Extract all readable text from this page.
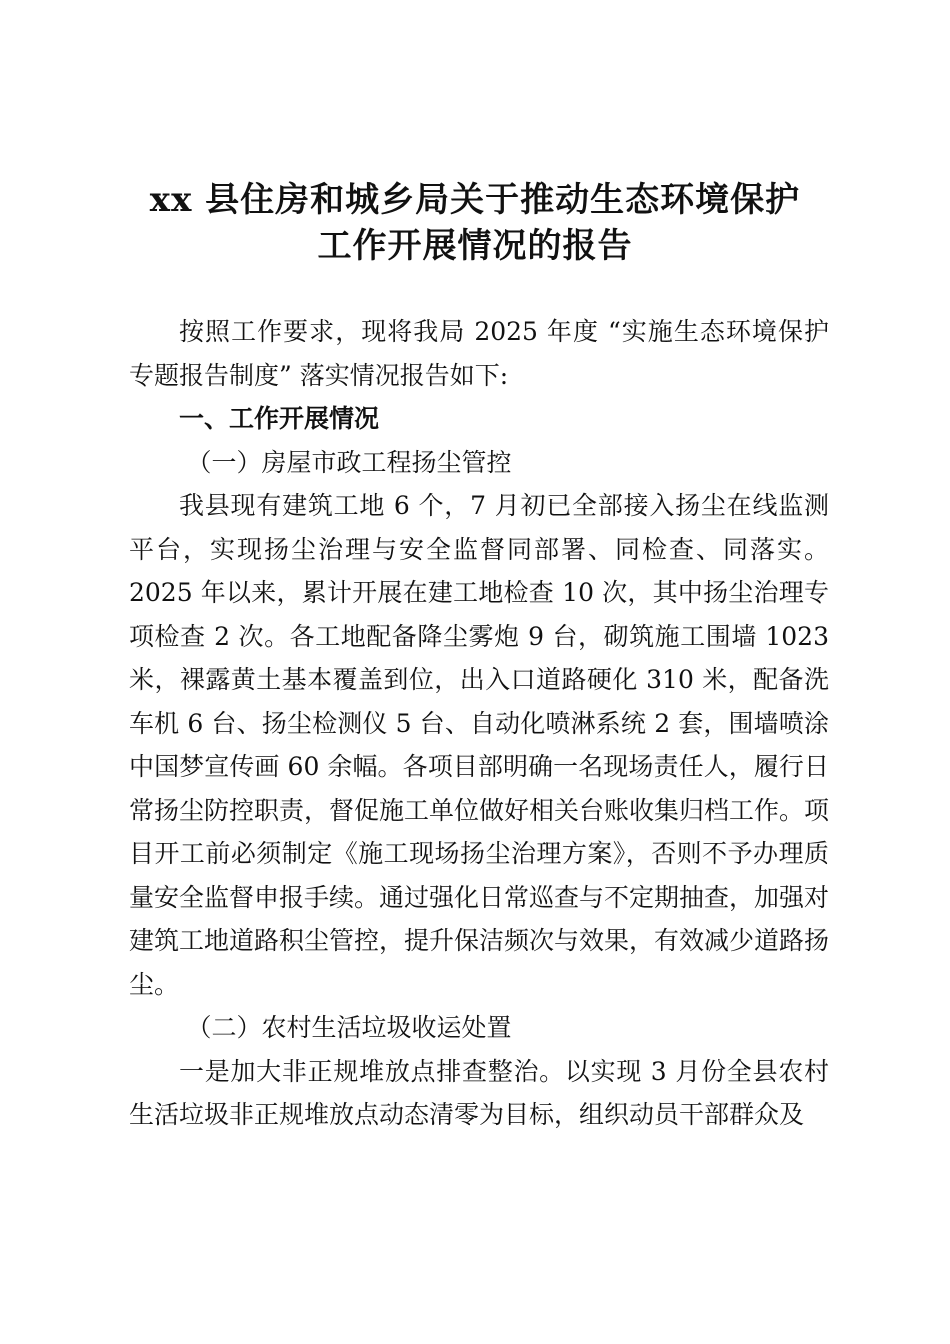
xx 县住房和城乡局关于推动生态环境保护
工作开展情况的报告

按照工作要求，现将我局 2025 年度 “实施生态环境保护专题报告制度” 落实情况报告如下:

一、工作开展情况

（一）房屋市政工程扬尘管控

我县现有建筑工地 6 个，7 月初已全部接入扬尘在线监测平台，实现扬尘治理与安全监督同部署、同检查、同落实。2025 年以来，累计开展在建工地检查 10 次，其中扬尘治理专项检查 2 次。各工地配备降尘雾炮 9 台，砌筑施工围墙 1023 米，裸露黄土基本覆盖到位，出入口道路硬化 310 米，配备洗车机 6 台、扬尘检测仪 5 台、自动化喷淋系统 2 套，围墙喷涂中国梦宣传画 60 余幅。各项目部明确一名现场责任人，履行日常扬尘防控职责，督促施工单位做好相关台账收集归档工作。项目开工前必须制定《施工现场扬尘治理方案》，否则不予办理质量安全监督申报手续。通过强化日常巡查与不定期抽查，加强对建筑工地道路积尘管控，提升保洁频次与效果，有效减少道路扬尘。

（二）农村生活垃圾收运处置

一是加大非正规堆放点排查整治。以实现 3 月份全县农村生活垃圾非正规堆放点动态清零为目标，组织动员干部群众及
